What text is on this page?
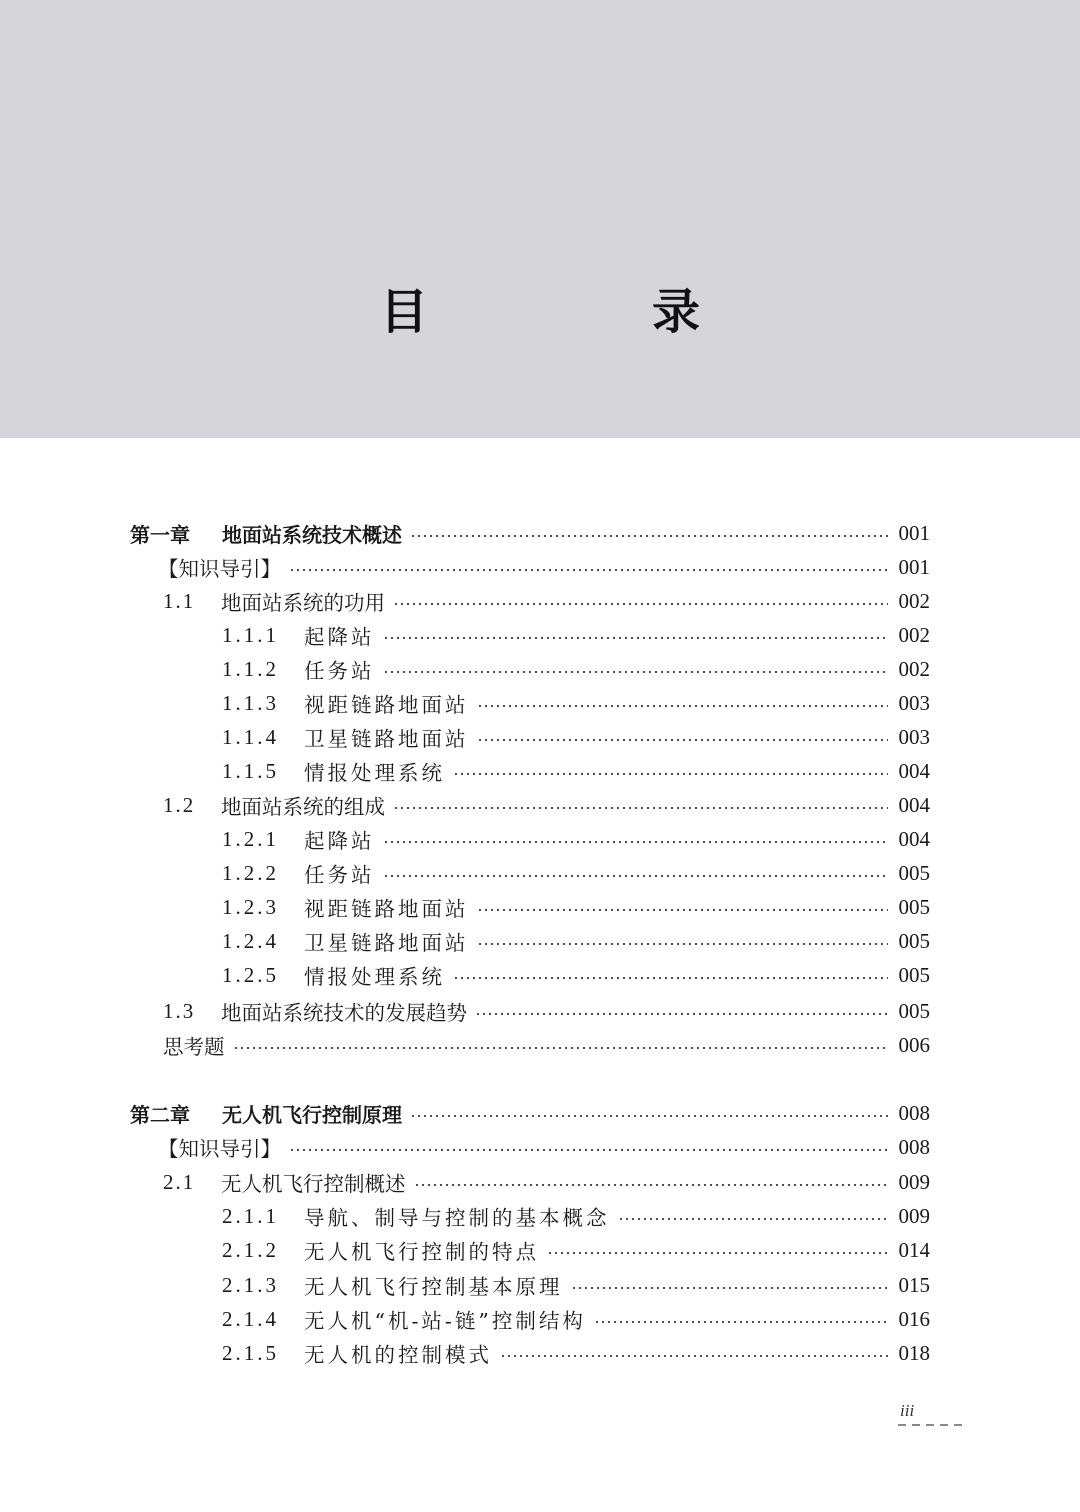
目　录
第一章	地面站系统技术概述	001
【知识导引】	001
1.1	地面站系统的功用	002
1.1.1	起降站	002
1.1.2	任务站	002
1.1.3	视距链路地面站	003
1.1.4	卫星链路地面站	003
1.1.5	情报处理系统	004
1.2	地面站系统的组成	004
1.2.1	起降站	004
1.2.2	任务站	005
1.2.3	视距链路地面站	005
1.2.4	卫星链路地面站	005
1.2.5	情报处理系统	005
1.3	地面站系统技术的发展趋势	005
思考题	006
第二章	无人机飞行控制原理	008
【知识导引】	008
2.1	无人机飞行控制概述	009
2.1.1	导航、制导与控制的基本概念	009
2.1.2	无人机飞行控制的特点	014
2.1.3	无人机飞行控制基本原理	015
2.1.4	无人机“机-站-链”控制结构	016
2.1.5	无人机的控制模式	018
iii
